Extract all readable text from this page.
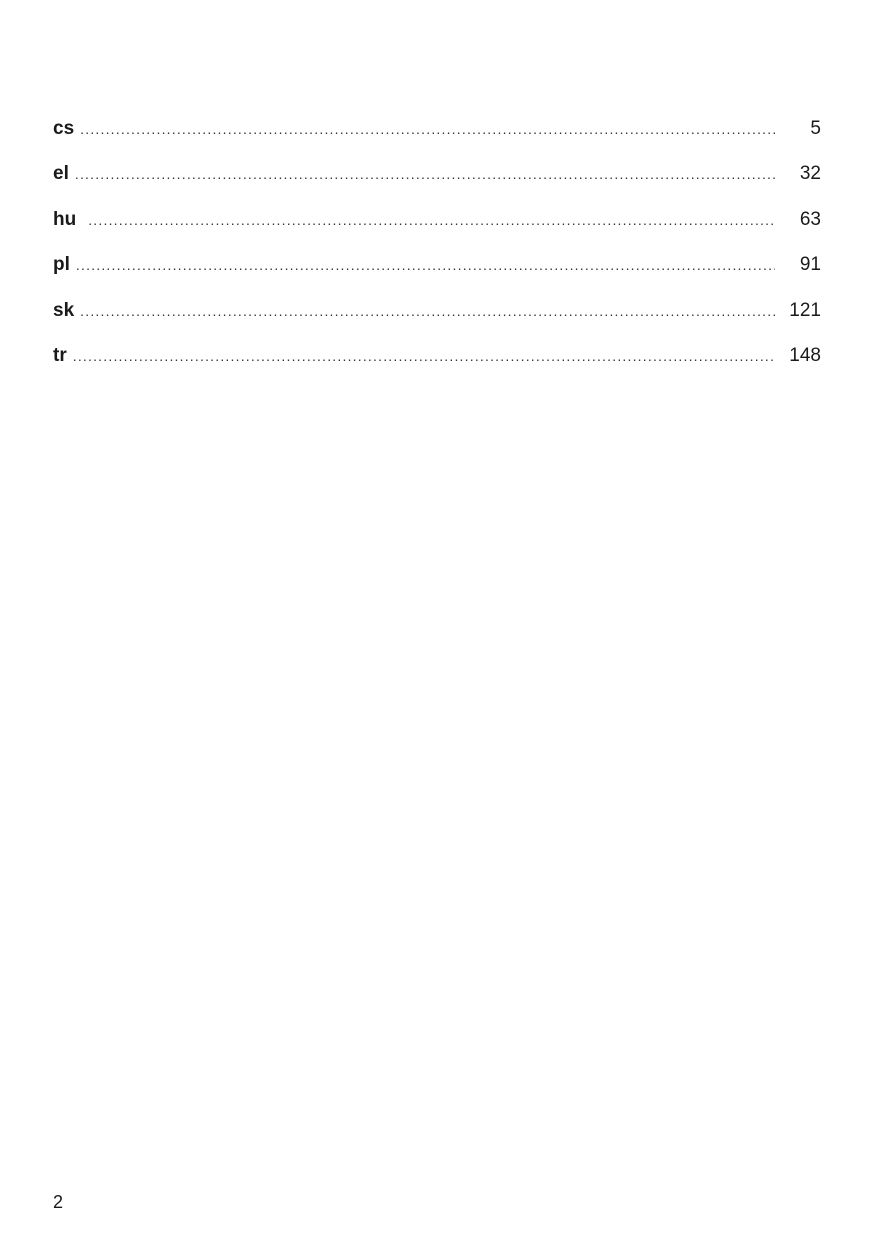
cs .....	5
el .....	32
hu .....	63
pl .....	91
sk .....	121
tr .....	148
2
